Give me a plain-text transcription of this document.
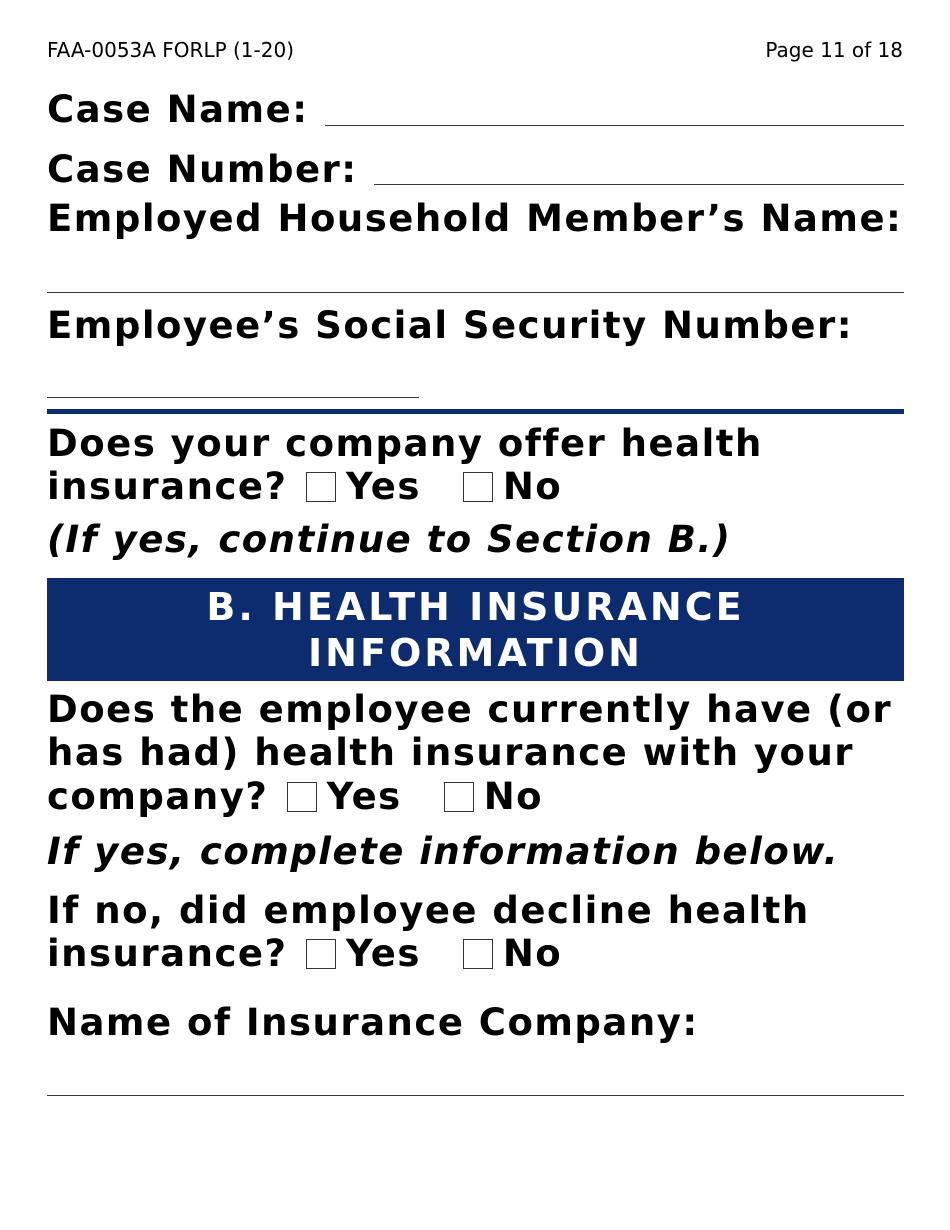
FAA-0053A FORLP (1-20)	Page 11 of 18
Case Name:
Case Number:
Employed Household Member’s Name:
Employee’s Social Security Number:
Does your company offer health
insurance? Yes No
(If yes, continue to Section B.)
B. HEALTH INSURANCE
INFORMATION
Does the employee currently have (or
has had) health insurance with your
company? Yes No
If yes, complete information below.
If no, did employee decline health
insurance? Yes No
Name of Insurance Company:
